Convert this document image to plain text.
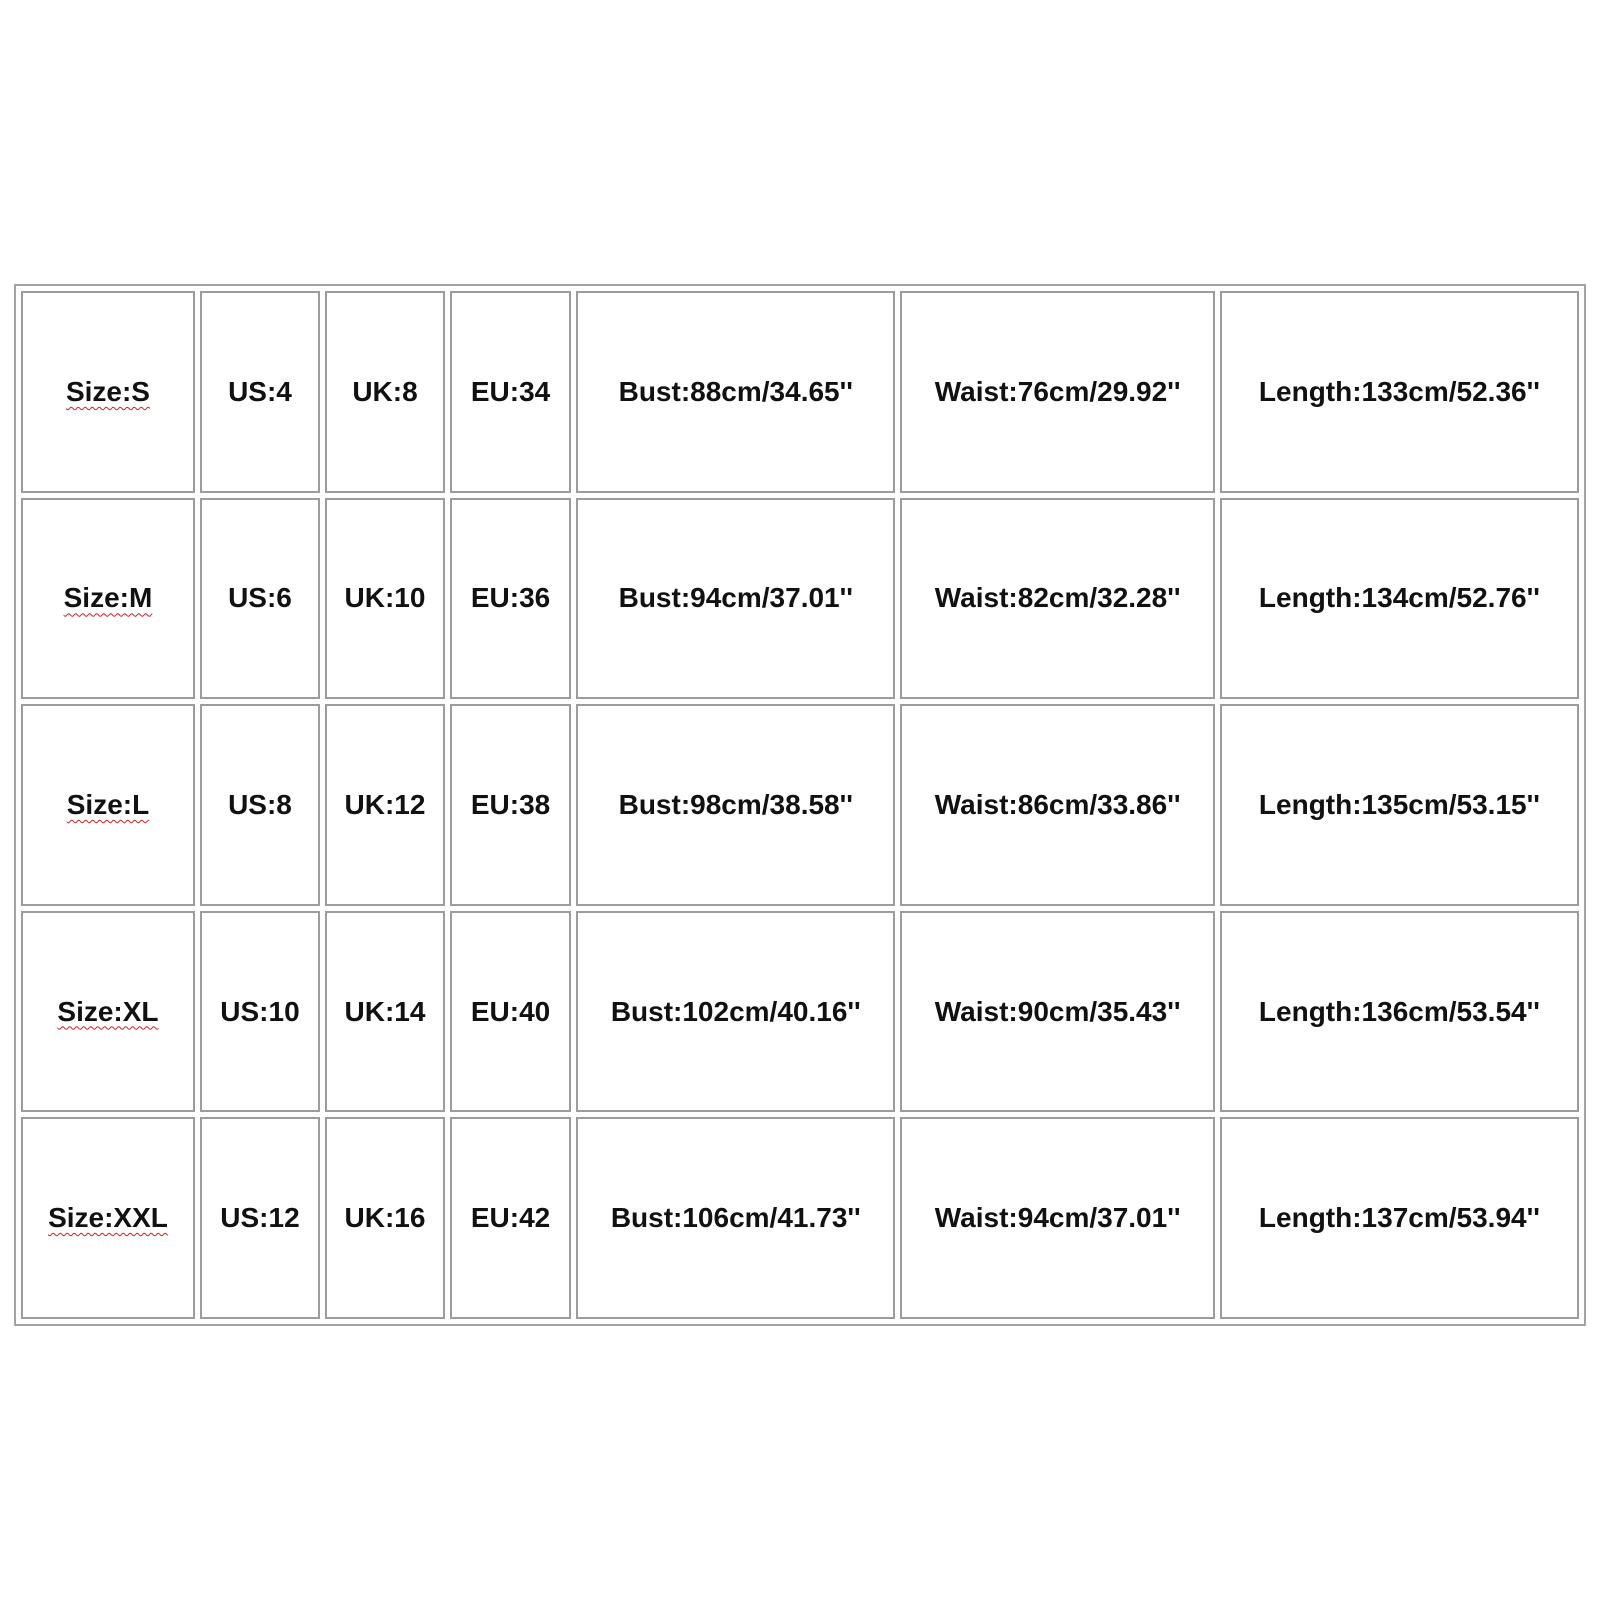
Size:S	US:4	UK:8	EU:34	Bust:88cm/34.65''	Waist:76cm/29.92''	Length:133cm/52.36''
Size:M	US:6	UK:10	EU:36	Bust:94cm/37.01''	Waist:82cm/32.28''	Length:134cm/52.76''
Size:L	US:8	UK:12	EU:38	Bust:98cm/38.58''	Waist:86cm/33.86''	Length:135cm/53.15''
Size:XL	US:10	UK:14	EU:40	Bust:102cm/40.16''	Waist:90cm/35.43''	Length:136cm/53.54''
Size:XXL	US:12	UK:16	EU:42	Bust:106cm/41.73''	Waist:94cm/37.01''	Length:137cm/53.94''
